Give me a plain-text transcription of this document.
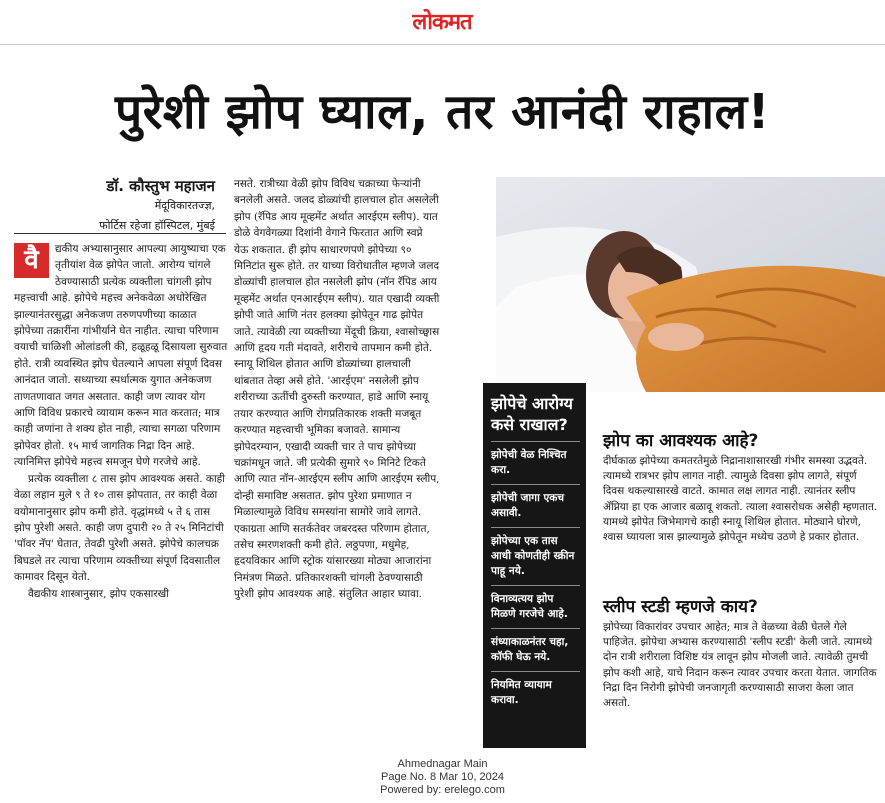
लोकमत
पुरेशी झोप घ्याल, तर आनंदी राहाल!
डॉ. कौस्तुभ महाजन
मेंदूविकारतज्ज्ञ,
फोर्टिस रहेजा हॉस्पिटल, मुंबई
वै	द्यकीय अभ्यासानुसार आपल्या आयुष्याचा एक तृतीयांश वेळ झोपेत जातो. आरोग्य चांगले ठेवण्यासाठी प्रत्येक व्यक्तीला चांगली झोप महत्त्वाची आहे. झोपेचे महत्त्व अनेकवेळा अधोरेखित झाल्यानंतरसुद्धा अनेकजण तरुणपणीच्या काळात झोपेच्या तक्रारींना गांभीर्याने घेत नाहीत. त्याचा परिणाम वयाची चाळिशी ओलांडली की, हळूहळू दिसायला सुरुवात होते. रात्री व्यवस्थित झोप घेतल्याने आपला संपूर्ण दिवस आनंदात जातो. सध्याच्या स्पर्धात्मक युगात अनेकजण ताणतणावात जगत असतात. काही जण त्यावर योग आणि विविध प्रकारचे व्यायाम करून मात करतात; मात्र काही जणांना ते शक्य होत नाही, त्याचा सगळा परिणाम झोपेवर होतो. १५ मार्च जागतिक निद्रा दिन आहे. त्यानिमित्त झोपेचे महत्त्व समजून घेणे गरजेचे आहे.

प्रत्येक व्यक्तीला ८ तास झोप आवश्यक असते. काही वेळा लहान मुले ९ ते १० तास झोपतात, तर काही वेळा वयोमानानुसार झोप कमी होते. वृद्धांमध्ये ५ ते ६ तास झोप पुरेशी असते. काही जण दुपारी २० ते २५ मिनिटांची 'पॉवर नॅप' घेतात, तेवढी पुरेशी असते. झोपेचे कालचक्र बिघडले तर त्याचा परिणाम व्यक्तीच्या संपूर्ण दिवसातील कामावर दिसून येतो.

वैद्यकीय शास्त्रानुसार, झोप एकसारखी

नसते. रात्रीच्या वेळी झोप विविध चक्राच्या फेऱ्यांनी बनलेली असते. जलद डोळ्यांची हालचाल होत असलेली झोप (रॅपिड आय मूव्हमेंट अर्थात आरईएम स्लीप). यात डोळे वेगवेगळ्या दिशांनी वेगाने फिरतात आणि स्वप्ने येऊ शकतात. ही झोप साधारणपणे झोपेच्या ९० मिनिटांत सुरू होते. तर याच्या विरोधातील म्हणजे जलद डोळ्यांची हालचाल होत नसलेली झोप (नॉन रॅपिड आय मूव्हमेंट अर्थात एनआरईएम स्लीप). यात एखादी व्यक्ती झोपी जाते आणि नंतर हलक्या झोपेतून गाढ झोपेत जाते. त्यावेळी त्या व्यक्तीच्या मेंदूची क्रिया, श्वासोच्छ्वास आणि हृदय गती मंदावते, शरीराचे तापमान कमी होते. स्नायू शिथिल होतात आणि डोळ्यांच्या हालचाली थांबतात तेव्हा असे होते. 'आरईएम' नसलेली झोप शरीराच्या ऊतींची दुरुस्ती करण्यात, हाडे आणि स्नायू तयार करण्यात आणि रोगप्रतिकारक शक्ती मजबूत करण्यात महत्त्वाची भूमिका बजावते. सामान्य झोपेदरम्यान, एखादी व्यक्ती चार ते पाच झोपेच्या चक्रांमधून जाते. जी प्रत्येकी सुमारे ९० मिनिटे टिकते आणि त्यात नॉन-आरईएम स्लीप आणि आरईएम स्लीप, दोन्ही समाविष्ट असतात. झोप पुरेशा प्रमाणात न मिळाल्यामुळे विविध समस्यांना सामोरे जावे लागते. एकाग्रता आणि सतर्कतेवर जबरदस्त परिणाम होतात, तसेच स्मरणशक्ती कमी होते. लठ्ठपणा, मधुमेह, हृदयविकार आणि स्ट्रोक यांसारख्या मोठ्या आजारांना निमंत्रण मिळते. प्रतिकारशक्ती चांगली ठेवण्यासाठी पुरेशी झोप आवश्यक आहे. संतुलित आहार घ्यावा.

झोपेचे आरोग्य कसे राखाल?
झोपेची वेळ निश्चित करा.
झोपेची जागा एकच असावी.
झोपेच्या एक तास आधी कोणतीही स्क्रीन पाहू नये.
विनाव्यत्यय झोप मिळणे गरजेचे आहे.
संध्याकाळनंतर चहा, कॉफी घेऊ नये.
नियमित व्यायाम करावा.
झोप का आवश्यक आहे?

दीर्घकाळ झोपेच्या कमतरतेमुळे निद्रानाशासारखी गंभीर समस्या उद्भवते. त्यामध्ये रात्रभर झोप लागत नाही. त्यामुळे दिवसा झोप लागते, संपूर्ण दिवस थकल्यासारखे वाटते. कामात लक्ष लागत नाही. त्यानंतर स्लीप ॲप्निया हा एक आजार बळावू शकतो. त्याला श्वासरोधक असेही म्हणतात. यामध्ये झोपेत जिभेमागचे काही स्नायू शिथिल होतात. मोठ्याने घोरणे, श्वास घ्यायला त्रास झाल्यामुळे झोपेतून मध्येच उठणे हे प्रकार होतात.

स्लीप स्टडी म्हणजे काय?

झोपेच्या विकारांवर उपचार आहेत; मात्र ते वेळच्या वेळी घेतले गेले पाहिजेत. झोपेचा अभ्यास करण्यासाठी 'स्लीप स्टडी' केली जाते. त्यामध्ये दोन रात्री शरीराला विशिष्ट यंत्र लावून झोप मोजली जाते. त्यावेळी तुमची झोप कशी आहे, याचे निदान करून त्यावर उपचार करता येतात. जागतिक निद्रा दिन निरोगी झोपेची जनजागृती करण्यासाठी साजरा केला जात असतो.

Ahmednagar Main
Page No. 8 Mar 10, 2024
Powered by: erelego.com
